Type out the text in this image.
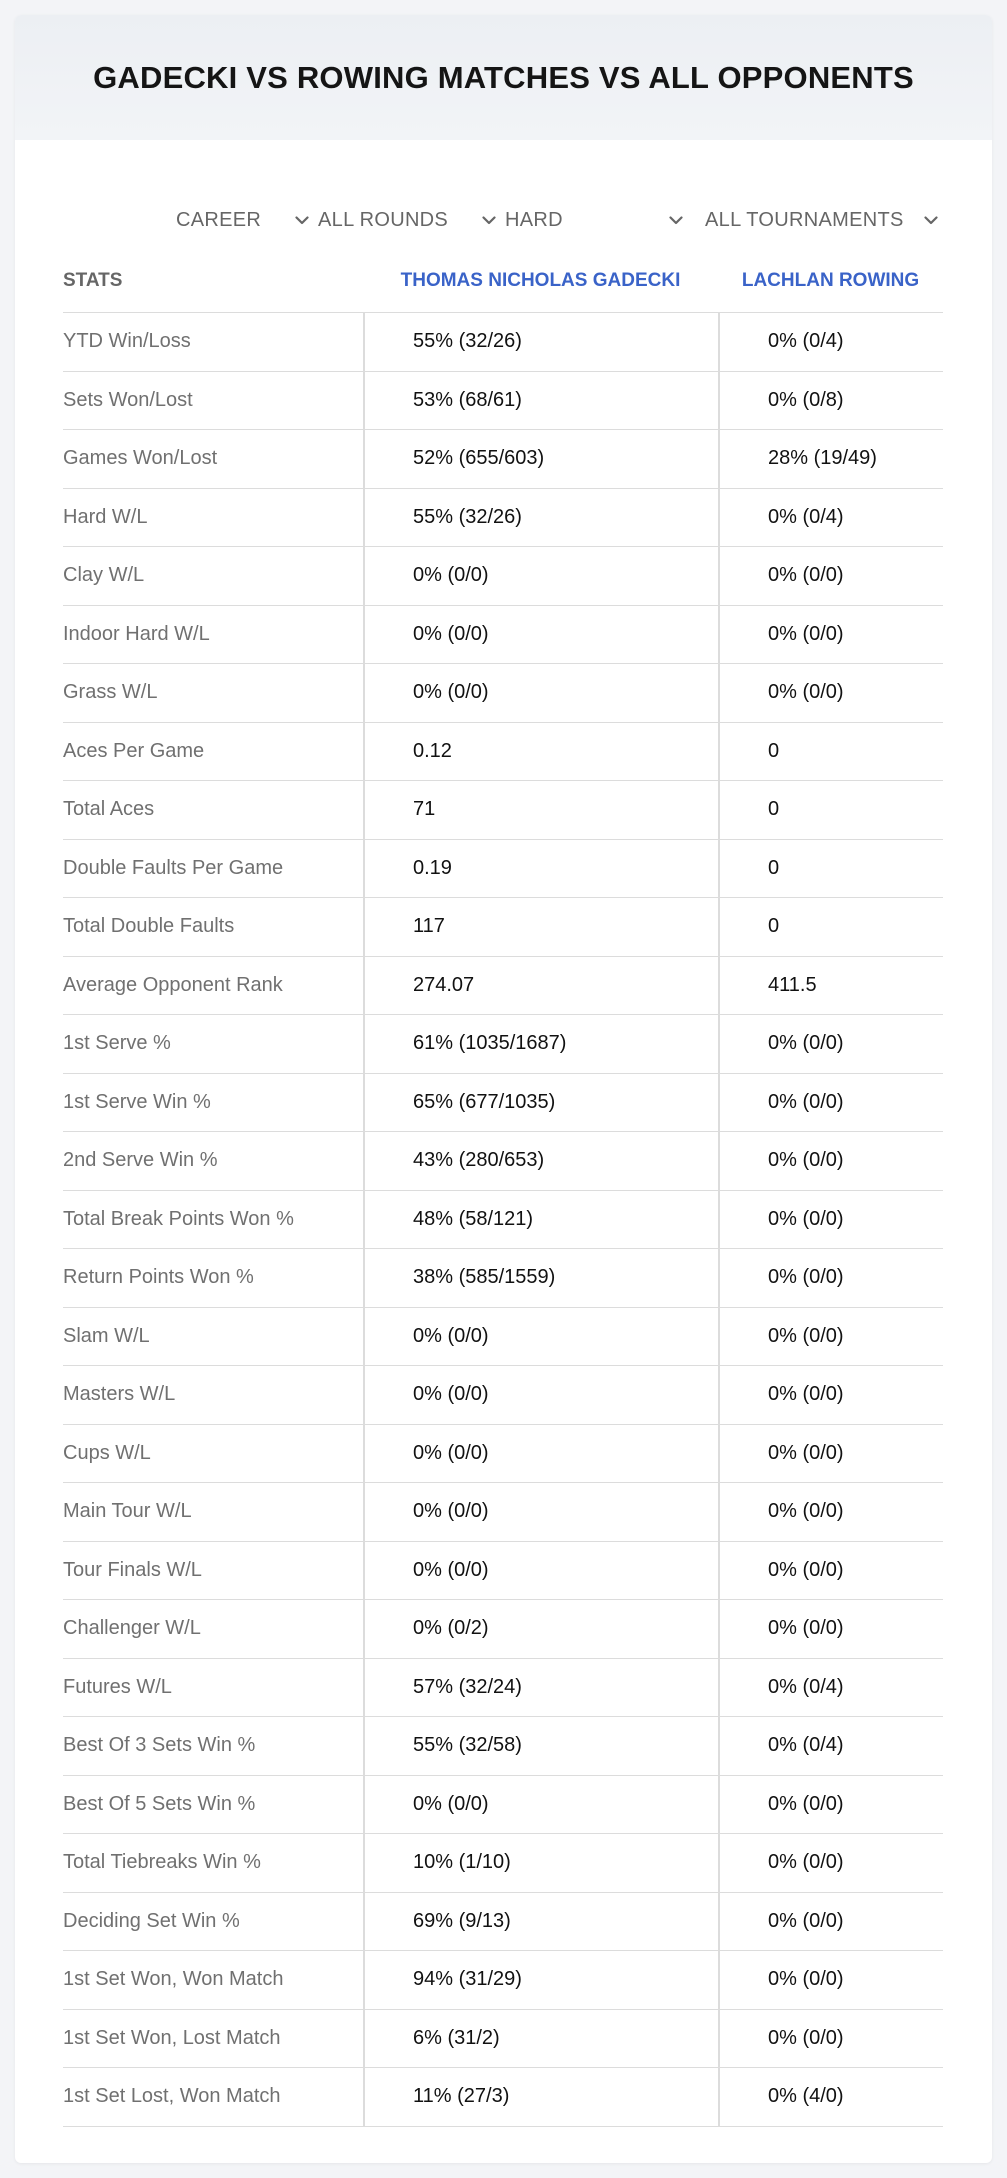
GADECKI VS ROWING MATCHES VS ALL OPPONENTS
CAREER	ALL ROUNDS	HARD	ALL TOURNAMENTS
STATS	THOMAS NICHOLAS GADECKI	LACHLAN ROWING
YTD Win/Loss	55% (32/26)	0% (0/4)
Sets Won/Lost	53% (68/61)	0% (0/8)
Games Won/Lost	52% (655/603)	28% (19/49)
Hard W/L	55% (32/26)	0% (0/4)
Clay W/L	0% (0/0)	0% (0/0)
Indoor Hard W/L	0% (0/0)	0% (0/0)
Grass W/L	0% (0/0)	0% (0/0)
Aces Per Game	0.12	0
Total Aces	71	0
Double Faults Per Game	0.19	0
Total Double Faults	117	0
Average Opponent Rank	274.07	411.5
1st Serve %	61% (1035/1687)	0% (0/0)
1st Serve Win %	65% (677/1035)	0% (0/0)
2nd Serve Win %	43% (280/653)	0% (0/0)
Total Break Points Won %	48% (58/121)	0% (0/0)
Return Points Won %	38% (585/1559)	0% (0/0)
Slam W/L	0% (0/0)	0% (0/0)
Masters W/L	0% (0/0)	0% (0/0)
Cups W/L	0% (0/0)	0% (0/0)
Main Tour W/L	0% (0/0)	0% (0/0)
Tour Finals W/L	0% (0/0)	0% (0/0)
Challenger W/L	0% (0/2)	0% (0/0)
Futures W/L	57% (32/24)	0% (0/4)
Best Of 3 Sets Win %	55% (32/58)	0% (0/4)
Best Of 5 Sets Win %	0% (0/0)	0% (0/0)
Total Tiebreaks Win %	10% (1/10)	0% (0/0)
Deciding Set Win %	69% (9/13)	0% (0/0)
1st Set Won, Won Match	94% (31/29)	0% (0/0)
1st Set Won, Lost Match	6% (31/2)	0% (0/0)
1st Set Lost, Won Match	11% (27/3)	0% (4/0)
